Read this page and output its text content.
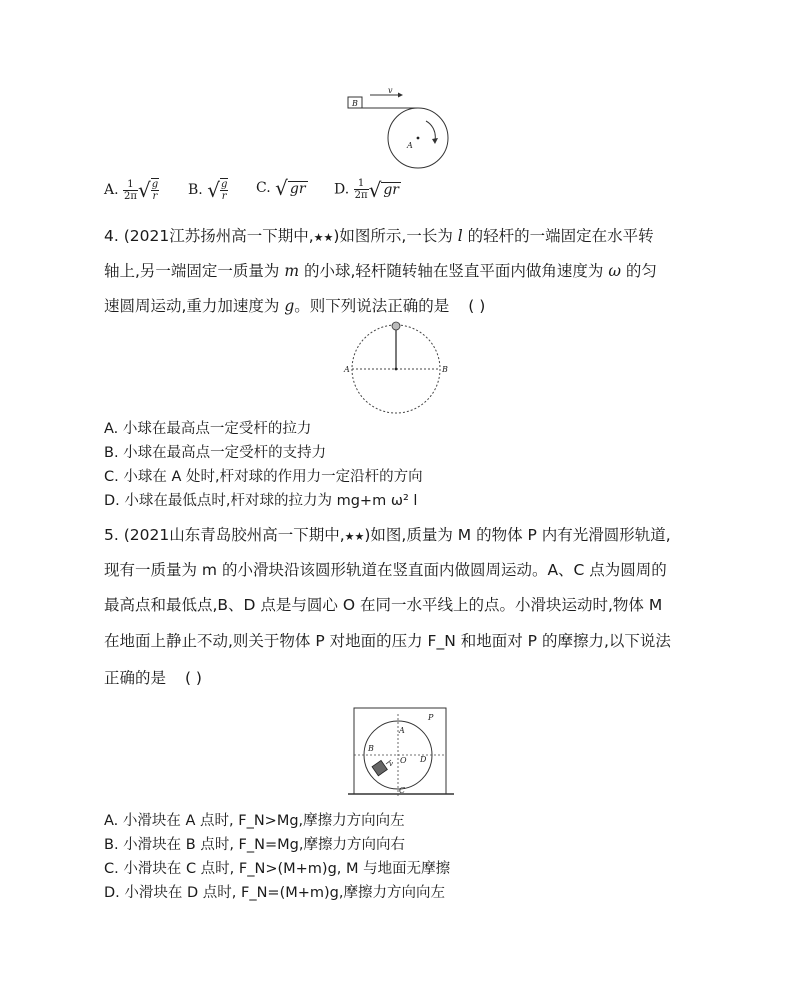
B
v
A
A. $\frac{1}{2\pi}$ √ $\frac{g}{r} B$. √ $\frac{g}{r} C$. √ gr D. $\frac{1}{2\pi}$ √ gr
4. (2021江苏扬州高一下期中,★★)如图所示,一长为 l 的轻杆的一端固定在水平转
轴上,另一端固定一质量为 m 的小球,轻杆随转轴在竖直平面内做角速度为 ω 的匀
速圆周运动,重力加速度为 g。则下列说法正确的是 ( )
A	B
A. 小球在最高点一定受杆的拉力
B. 小球在最高点一定受杆的支持力
C. 小球在 A 处时,杆对球的作用力一定沿杆的方向
D. 小球在最低点时,杆对球的拉力为 mg+m ω² l
5. (2021山东青岛胶州高一下期中,★★)如图,质量为 M 的物体 P 内有光滑圆形轨道,
现有一质量为 m 的小滑块沿该圆形轨道在竖直面内做圆周运动。A、C 点为圆周的
最高点和最低点,B、D 点是与圆心 O 在同一水平线上的点。小滑块运动时,物体 M
在地面上静止不动,则关于物体 P 对地面的压力 F_N 和地面对 P 的摩擦力,以下说法
正确的是 ( )
v
P
A
B
O D
C
A. 小滑块在 A 点时, F_N>Mg,摩擦力方向向左
B. 小滑块在 B 点时, F_N=Mg,摩擦力方向向右
C. 小滑块在 C 点时, F_N>(M+m)g, M 与地面无摩擦
D. 小滑块在 D 点时, F_N=(M+m)g,摩擦力方向向左
